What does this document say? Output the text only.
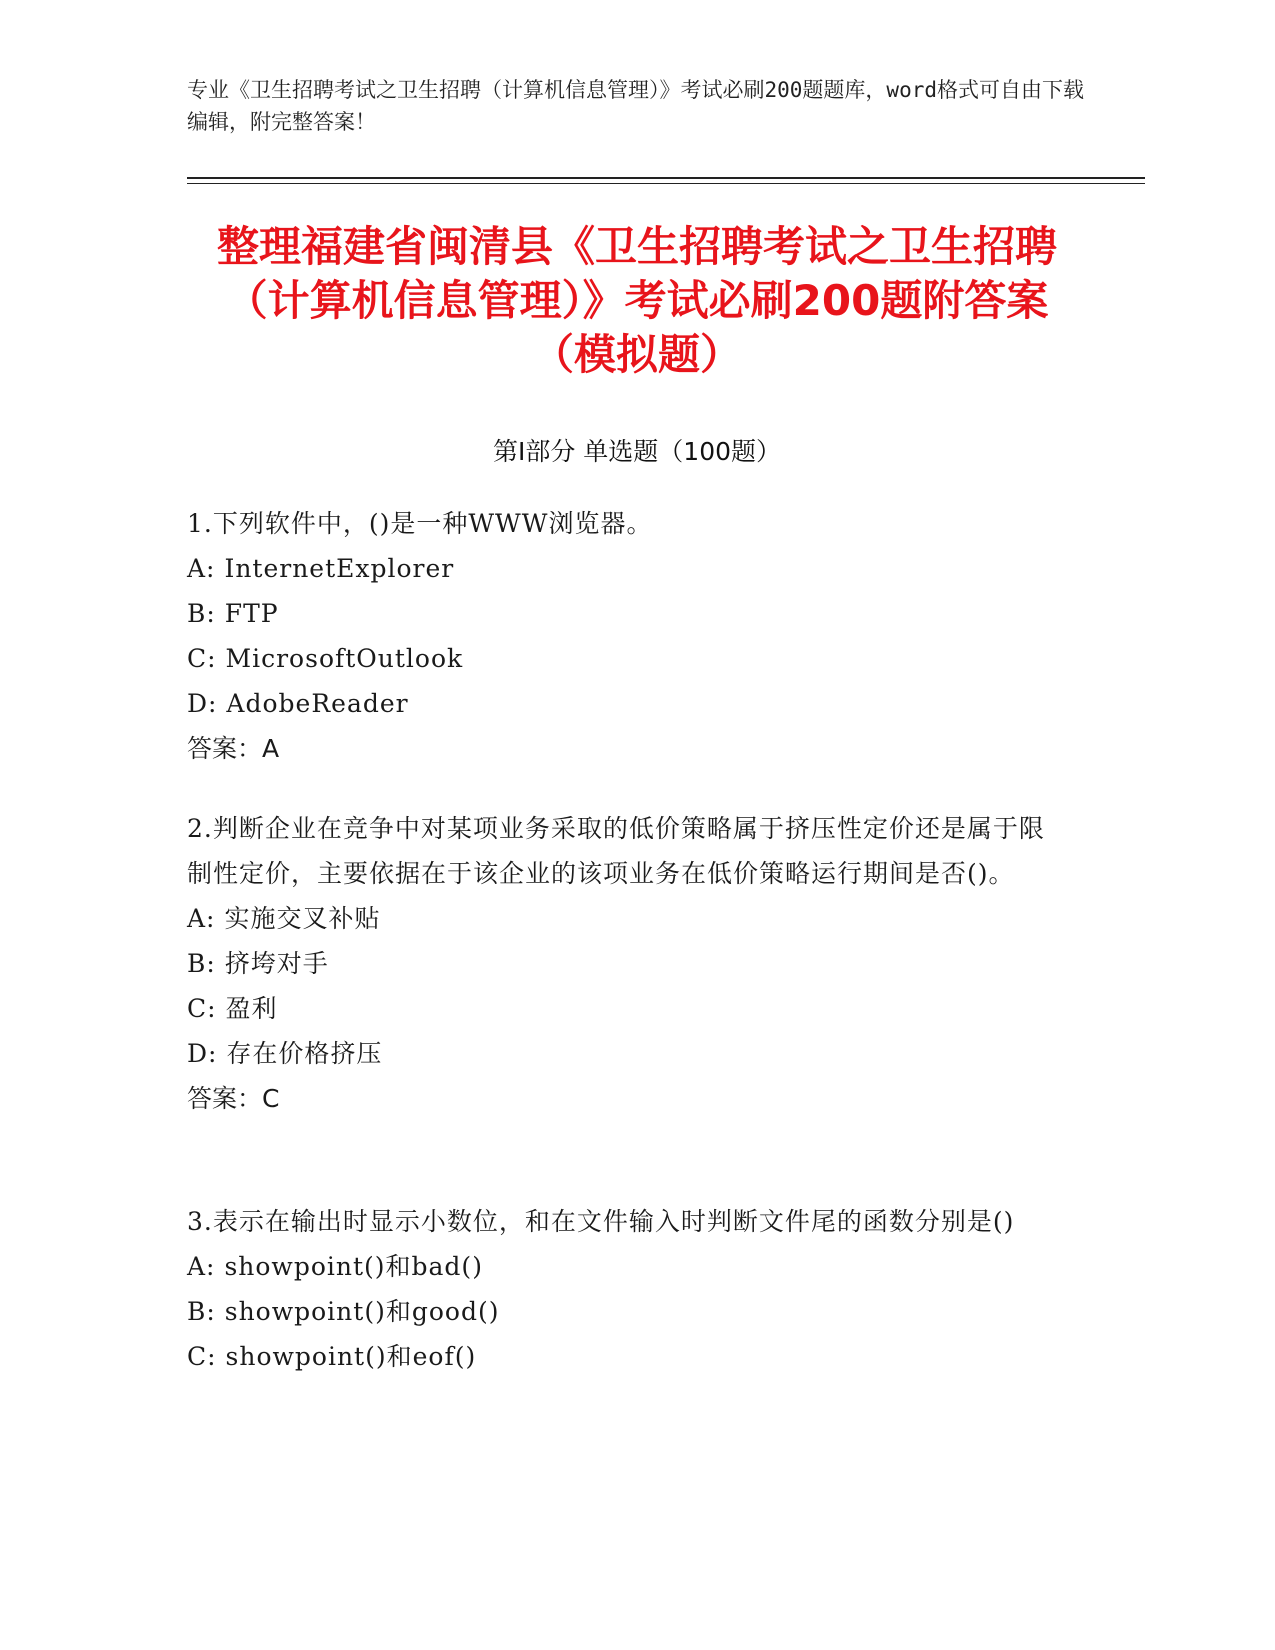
专业《卫生招聘考试之卫生招聘（计算机信息管理）》考试必刷200题题库，word格式可自由下载编辑，附完整答案！
整理福建省闽清县《卫生招聘考试之卫生招聘（计算机信息管理）》考试必刷200题附答案（模拟题）
第Ⅰ部分 单选题（100题）
1.下列软件中，()是一种WWW浏览器。
A: InternetExplorer
B: FTP
C: MicrosoftOutlook
D: AdobeReader
答案：A
2.判断企业在竞争中对某项业务采取的低价策略属于挤压性定价还是属于限制性定价，主要依据在于该企业的该项业务在低价策略运行期间是否()。
A: 实施交叉补贴
B: 挤垮对手
C: 盈利
D: 存在价格挤压
答案：C
3.表示在输出时显示小数位，和在文件输入时判断文件尾的函数分别是()
A: showpoint()和bad()
B: showpoint()和good()
C: showpoint()和eof()
